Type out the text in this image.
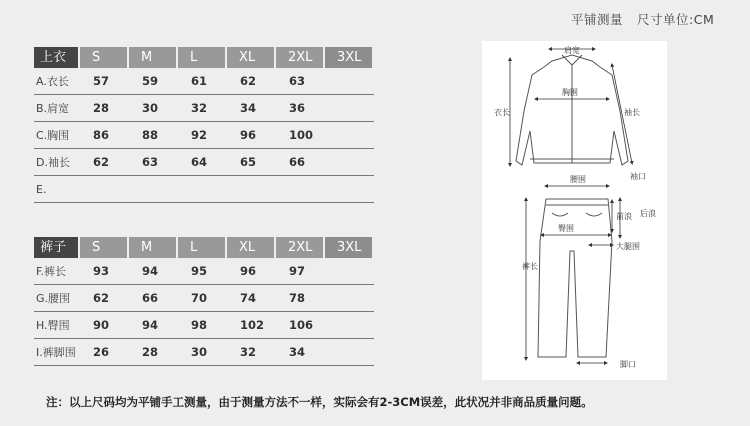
平铺测量 尺寸单位:CM
上衣	S	M	L	XL	2XL	3XL

A.衣长	57	59	61	62	63	
B.肩宽	28	30	32	34	36	
C.胸围	86	88	92	96	100	
D.袖长	62	63	64	65	66	
E.						
裤子	S	M	L	XL	2XL	3XL

F.裤长	93	94	95	96	97	
G.腰围	62	66	70	74	78	
H.臀围	90	94	98	102	106	
I.裤脚围	26	28	30	32	34	
肩宽
胸围
衣长	袖长
袖口
腰围
前浪 后浪
臀围
大腿围
裤长
脚口
注：以上尺码均为平铺手工测量，由于测量方法不一样，实际会有2-3CM误差，此状况并非商品质量问题。
